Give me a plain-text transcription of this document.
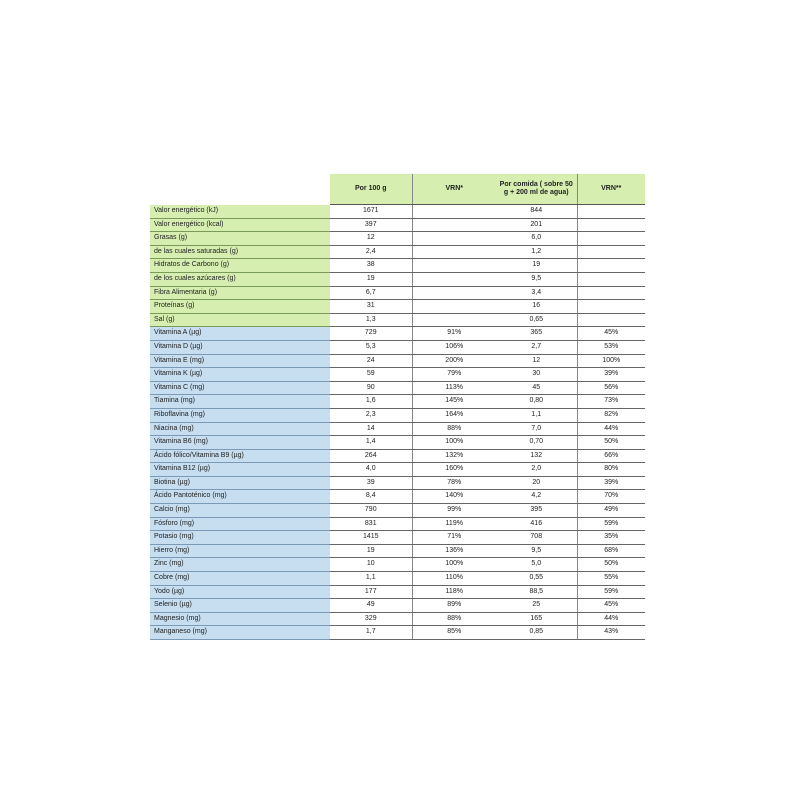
	Por 100 g	VRN*	Por comida ( sobre 50 g + 200 ml de agua)	VRN**
Valor energético (kJ)	1671		844	
Valor energético (kcal)	397		201	
Grasas (g)	12		6,0	
de las cuales saturadas (g)	2,4		1,2	
Hidratos de Carbono (g)	38		19	
de los cuales azúcares (g)	19		9,5	
Fibra Alimentaria (g)	6,7		3,4	
Proteínas (g)	31		16	
Sal (g)	1,3		0,65	
Vitamina A (µg)	729	91%	365	45%
Vitamina D (µg)	5,3	106%	2,7	53%
Vitamina E (mg)	24	200%	12	100%
Vitamina K (µg)	59	79%	30	39%
Vitamina C (mg)	90	113%	45	56%
Tiamina (mg)	1,6	145%	0,80	73%
Riboflavina (mg)	2,3	164%	1,1	82%
Niacina (mg)	14	88%	7,0	44%
Vitamina B6 (mg)	1,4	100%	0,70	50%
Ácido fólico/Vitamina B9 (µg)	264	132%	132	66%
Vitamina B12 (µg)	4,0	160%	2,0	80%
Biotina (µg)	39	78%	20	39%
Ácido Pantoténico (mg)	8,4	140%	4,2	70%
Calcio (mg)	790	99%	395	49%
Fósforo (mg)	831	119%	416	59%
Potasio (mg)	1415	71%	708	35%
Hierro (mg)	19	136%	9,5	68%
Zinc (mg)	10	100%	5,0	50%
Cobre (mg)	1,1	110%	0,55	55%
Yodo (µg)	177	118%	88,5	59%
Selenio (µg)	49	89%	25	45%
Magnesio (mg)	329	88%	165	44%
Manganeso (mg)	1,7	85%	0,85	43%
